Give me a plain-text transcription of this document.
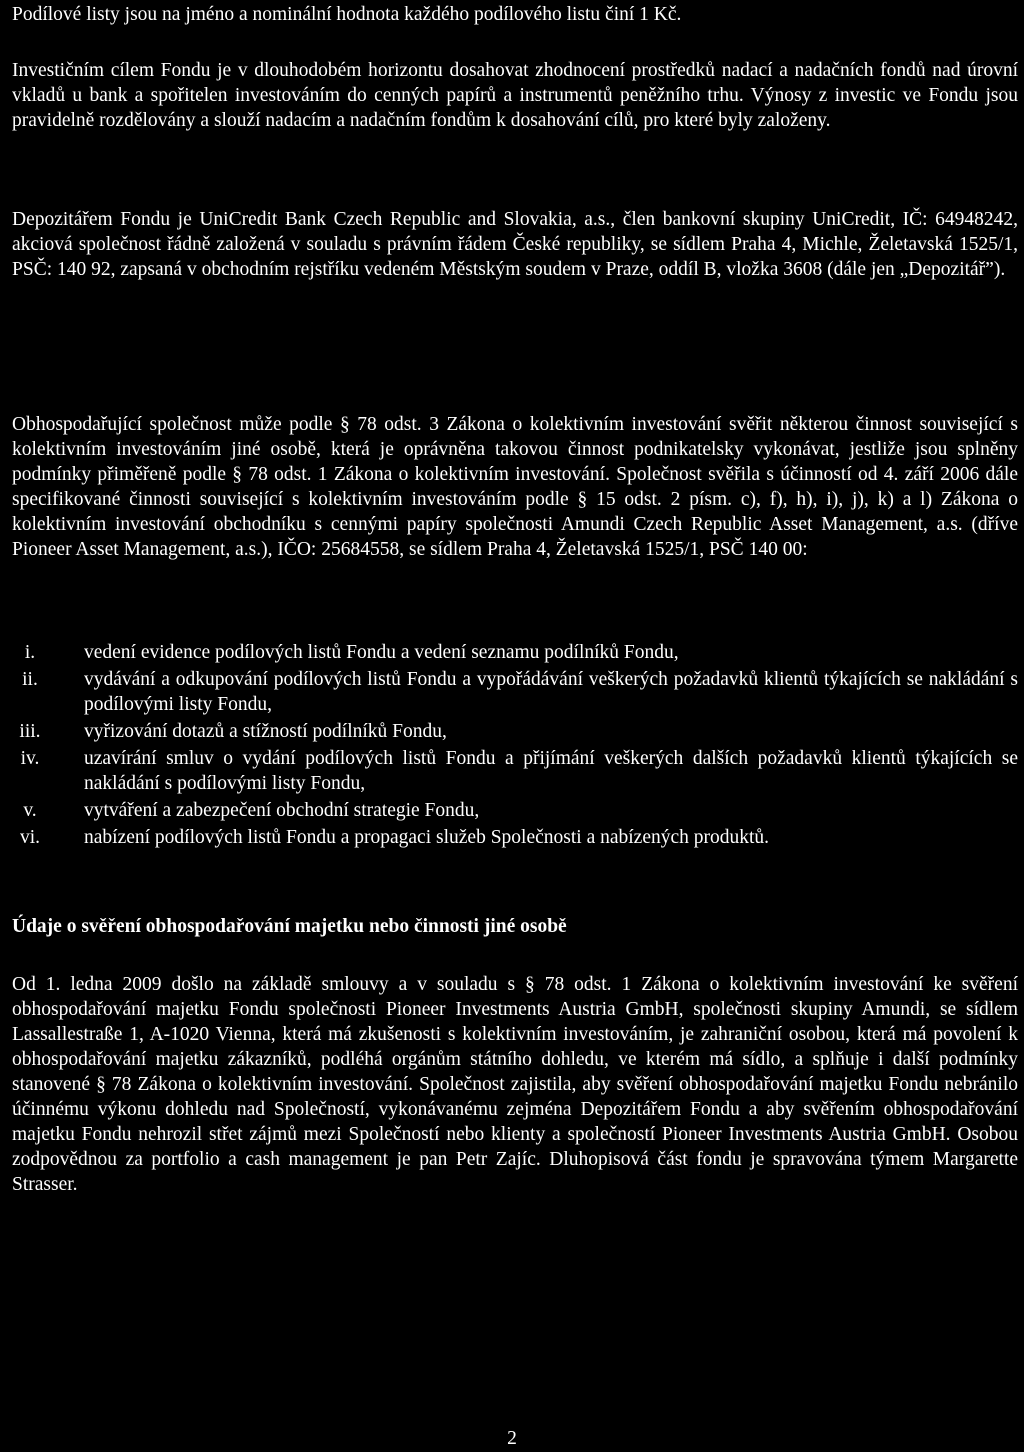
Podílové listy jsou na jméno a nominální hodnota každého podílového listu činí 1 Kč.

Investičním cílem Fondu je v dlouhodobém horizontu dosahovat zhodnocení prostředků nadací a nadačních fondů nad úrovní vkladů u bank a spořitelen investováním do cenných papírů a instrumentů peněžního trhu. Výnosy z investic ve Fondu jsou pravidelně rozdělovány a slouží nadacím a nadačním fondům k dosahování cílů, pro které byly založeny.

Depozitářem Fondu je UniCredit Bank Czech Republic and Slovakia, a.s., člen bankovní skupiny UniCredit, IČ: 64948242, akciová společnost řádně založená v souladu s právním řádem České republiky, se sídlem Praha 4, Michle, Želetavská 1525/1, PSČ: 140 92, zapsaná v obchodním rejstříku vedeném Městským soudem v Praze, oddíl B, vložka 3608 (dále jen „Depozitář”).

Obhospodařující společnost může podle § 78 odst. 3 Zákona o kolektivním investování svěřit některou činnost související s kolektivním investováním jiné osobě, která je oprávněna takovou činnost podnikatelsky vykonávat, jestliže jsou splněny podmínky přiměřeně podle § 78 odst. 1 Zákona o kolektivním investování. Společnost svěřila s účinností od 4. září 2006 dále specifikované činnosti související s kolektivním investováním podle § 15 odst. 2 písm. c), f), h), i), j), k) a l) Zákona o kolektivním investování obchodníku s cennými papíry společnosti Amundi Czech Republic Asset Management, a.s. (dříve Pioneer Asset Management, a.s.), IČO: 25684558, se sídlem Praha 4, Želetavská 1525/1, PSČ 140 00:

i.	vedení evidence podílových listů Fondu a vedení seznamu podílníků Fondu,
ii.	vydávání a odkupování podílových listů Fondu a vypořádávání veškerých požadavků klientů týkajících se nakládání s podílovými listy Fondu,
iii.	vyřizování dotazů a stížností podílníků Fondu,
iv.	uzavírání smluv o vydání podílových listů Fondu a přijímání veškerých dalších požadavků klientů týkajících se nakládání s podílovými listy Fondu,
v.	vytváření a zabezpečení obchodní strategie Fondu,
vi.	nabízení podílových listů Fondu a propagaci služeb Společnosti a nabízených produktů.
Údaje o svěření obhospodařování majetku nebo činnosti jiné osobě

Od 1. ledna 2009 došlo na základě smlouvy a v souladu s § 78 odst. 1 Zákona o kolektivním investování ke svěření obhospodařování majetku Fondu společnosti Pioneer Investments Austria GmbH, společnosti skupiny Amundi, se sídlem Lassallestraße 1, A-1020 Vienna, která má zkušenosti s kolektivním investováním, je zahraniční osobou, která má povolení k obhospodařování majetku zákazníků, podléhá orgánům státního dohledu, ve kterém má sídlo, a splňuje i další podmínky stanovené § 78 Zákona o kolektivním investování. Společnost zajistila, aby svěření obhospodařování majetku Fondu nebránilo účinnému výkonu dohledu nad Společností, vykonávanému zejména Depozitářem Fondu a aby svěřením obhospodařování majetku Fondu nehrozil střet zájmů mezi Společností nebo klienty a společností Pioneer Investments Austria GmbH. Osobou zodpovědnou za portfolio a cash management je pan Petr Zajíc. Dluhopisová část fondu je spravována týmem Margarette Strasser.

2
